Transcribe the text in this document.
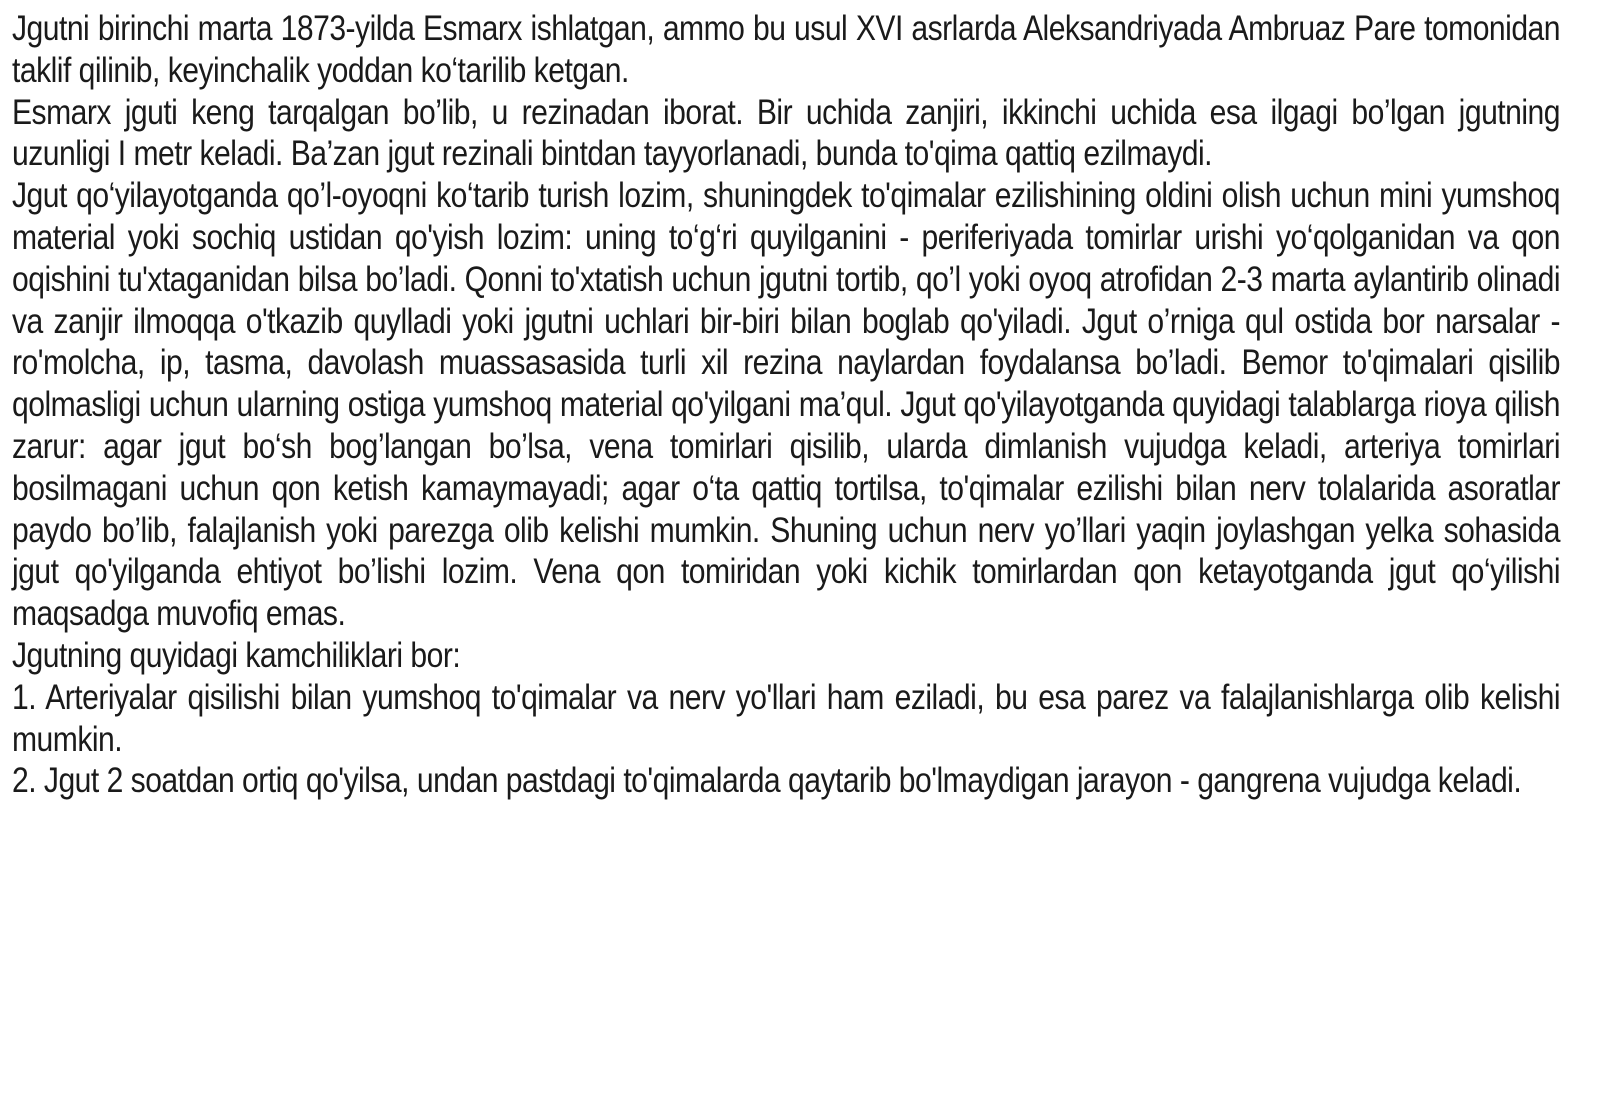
Jgutni birinchi marta 1873-yilda Esmarx ishlatgan, ammo bu usul XVI asrlarda Aleksandriyada Ambruaz Pare tomonidan taklif qilinib, keyinchalik yoddan ko‘tarilib ketgan.

Esmarx jguti keng tarqalgan bo’lib, u rezinadan iborat. Bir uchida zanjiri, ikkinchi uchida esa ilgagi bo’lgan jgutning uzunligi I metr keladi. Ba’zan jgut rezinali bintdan tayyorlanadi, bunda to'qima qattiq ezilmaydi.

Jgut qo‘yilayotganda qo’l-oyoqni ko‘tarib turish lozim, shuningdek to'qimalar ezilishining oldini olish uchun mini yumshoq material yoki sochiq ustidan qo'yish lozim: uning to‘g‘ri quyilganini - periferiyada tomirlar urishi yo‘qolganidan va qon oqishini tu'xtaganidan bilsa bo’ladi. Qonni to'xtatish uchun jgutni tortib, qo’l yoki oyoq atrofidan 2-3 marta aylantirib olinadi va zanjir ilmoqqa o'tkazib quylladi yoki jgutni uchlari bir-biri bilan boglab qo'yiladi. Jgut o’rniga qul ostida bor narsalar - ro'molcha, ip, tasma, davolash muassasasida turli xil rezina naylardan foydalansa bo’ladi. Bemor to'qimalari qisilib qolmasligi uchun ularning ostiga yumshoq material qo'yilgani ma’qul. Jgut qo'yilayotganda quyidagi talablarga rioya qilish zarur: agar jgut bo‘sh bog’langan bo’lsa, vena tomirlari qisilib, ularda dimlanish vujudga keladi, arteriya tomirlari bosilmagani uchun qon ketish kamaymayadi; agar o‘ta qattiq tortilsa, to'qimalar ezilishi bilan nerv tolalarida asoratlar paydo bo’lib, falajlanish yoki parezga olib kelishi mumkin. Shuning uchun nerv yo’llari yaqin joylashgan yelka sohasida jgut qo'yilganda ehtiyot bo’lishi lozim. Vena qon tomiridan yoki kichik tomirlardan qon ketayotganda jgut qo‘yilishi maqsadga muvofiq emas.

Jgutning quyidagi kamchiliklari bor:

1. Arteriyalar qisilishi bilan yumshoq to'qimalar va nerv yo'llari ham eziladi, bu esa parez va falajlanishlarga olib kelishi mumkin.

2. Jgut 2 soatdan ortiq qo'yilsa, undan pastdagi to'qimalarda qaytarib bo'lmaydigan jarayon - gangrena vujudga keladi.
